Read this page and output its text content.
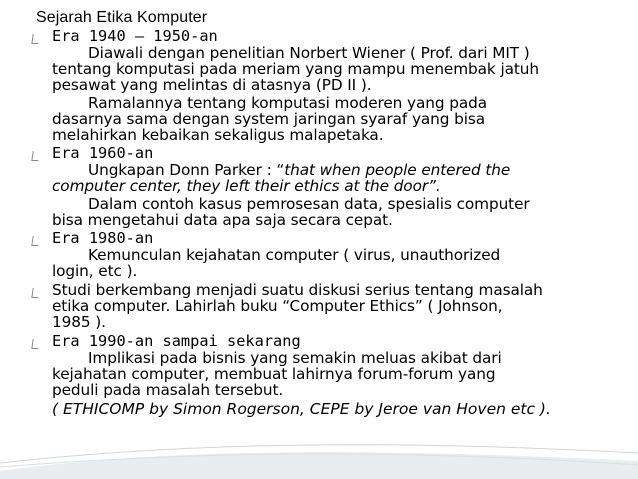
Sejarah Etika Komputer
Era 1940 – 1950-an
Diawali dengan penelitian Norbert Wiener ( Prof. dari MIT )
tentang komputasi pada meriam yang mampu menembak jatuh
pesawat yang melintas di atasnya (PD II ).
Ramalannya tentang komputasi moderen yang pada
dasarnya sama dengan system jaringan syaraf yang bisa
melahirkan kebaikan sekaligus malapetaka.
Era 1960-an
Ungkapan Donn Parker : “that when people entered the
computer center, they left their ethics at the door”.
Dalam contoh kasus pemrosesan data, spesialis computer
bisa mengetahui data apa saja secara cepat.
Era 1980-an
Kemunculan kejahatan computer ( virus, unauthorized
login, etc ).
Studi berkembang menjadi suatu diskusi serius tentang masalah
etika computer. Lahirlah buku “Computer Ethics” ( Johnson,
1985 ).
Era 1990-an sampai sekarang
Implikasi pada bisnis yang semakin meluas akibat dari
kejahatan computer, membuat lahirnya forum-forum yang
peduli pada masalah tersebut.
( ETHICOMP by Simon Rogerson, CEPE by Jeroe van Hoven etc ).
